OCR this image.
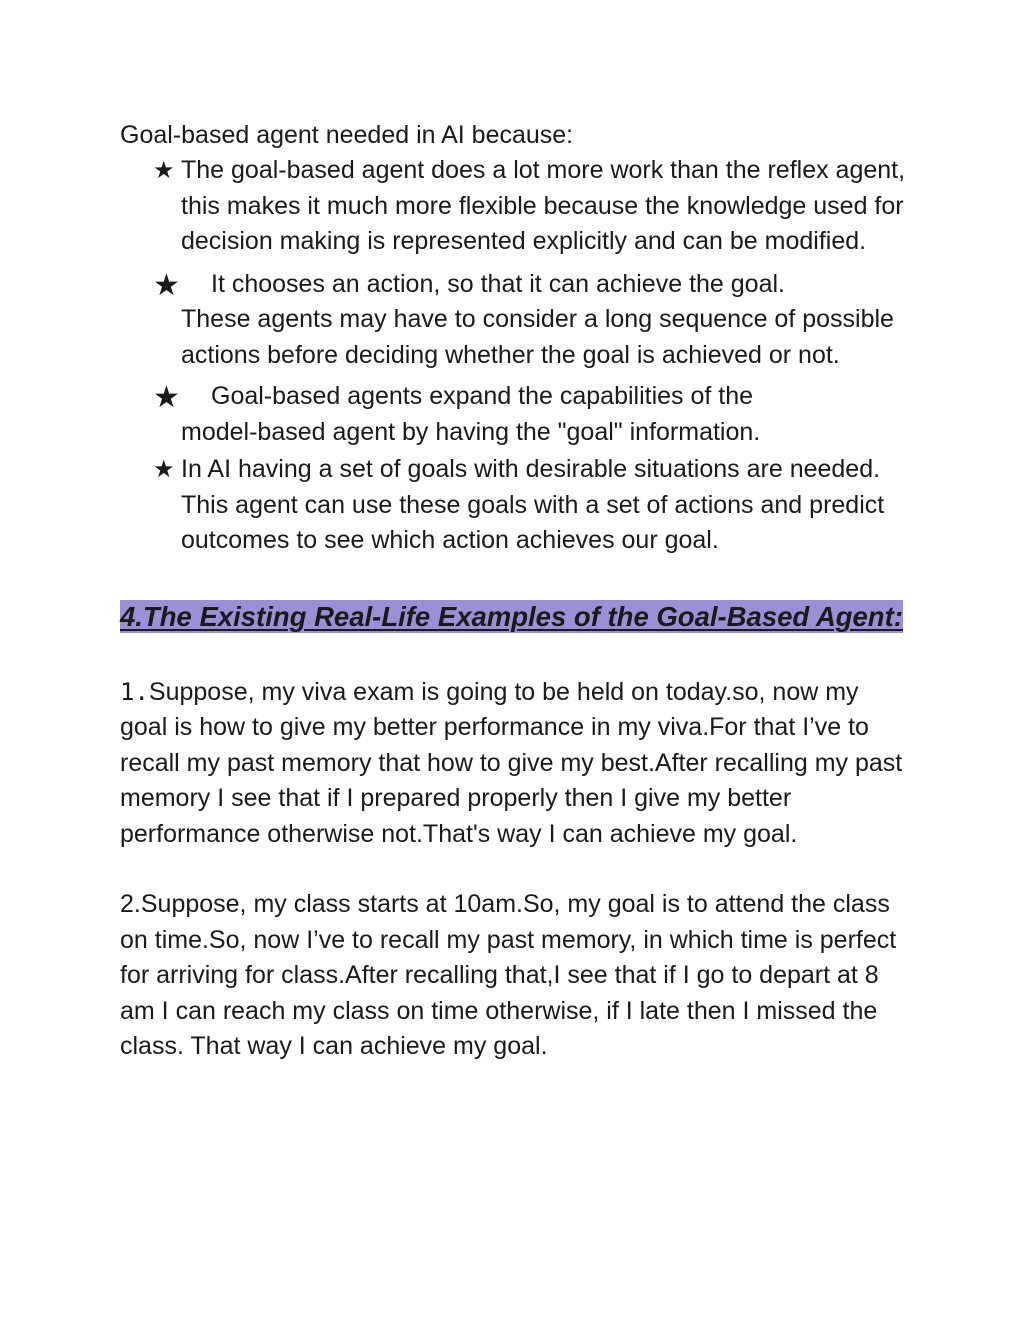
Goal-based agent needed in AI because:

★ The goal-based agent does a lot more work than the reflex agent, this makes it much more flexible because the knowledge used for decision making is represented explicitly and can be modified.
★ It chooses an action, so that it can achieve the goal.
These agents may have to consider a long sequence of possible actions before deciding whether the goal is achieved or not.
★ Goal-based agents expand the capabilities of the
model-based agent by having the "goal" information.
★ In AI having a set of goals with desirable situations are needed. This agent can use these goals with a set of actions and predict outcomes to see which action achieves our goal.
4.The Existing Real-Life Examples of the Goal-Based Agent:

1.Suppose, my viva exam is going to be held on today.so, now my goal is how to give my better performance in my viva.For that I’ve to recall my past memory that how to give my best.After recalling my past memory I see that if I prepared properly then I give my better performance otherwise not.That's way I can achieve my goal.

2.Suppose, my class starts at 10am.So, my goal is to attend the class on time.So, now I’ve to recall my past memory, in which time is perfect for arriving for class.After recalling that,I see that if I go to depart at 8 am I can reach my class on time otherwise, if I late then I missed the class. That way I can achieve my goal.
